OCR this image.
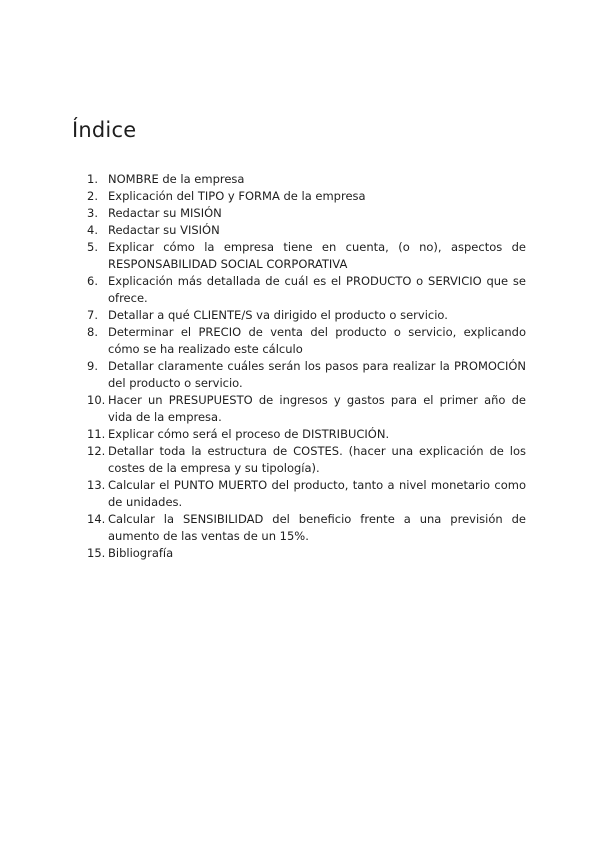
Índice
1. NOMBRE de la empresa
2. Explicación del TIPO y FORMA de la empresa
3. Redactar su MISIÓN
4. Redactar su VISIÓN
5. Explicar cómo la empresa tiene en cuenta, (o no), aspectos de RESPONSABILIDAD SOCIAL CORPORATIVA
6. Explicación más detallada de cuál es el PRODUCTO o SERVICIO que se ofrece.
7. Detallar a qué CLIENTE/S va dirigido el producto o servicio.
8. Determinar el PRECIO de venta del producto o servicio, explicando cómo se ha realizado este cálculo
9. Detallar claramente cuáles serán los pasos para realizar la PROMOCIÓN del producto o servicio.
10. Hacer un PRESUPUESTO de ingresos y gastos para el primer año de vida de la empresa.
11. Explicar cómo será el proceso de DISTRIBUCIÓN.
12. Detallar toda la estructura de COSTES. (hacer una explicación de los costes de la empresa y su tipología).
13. Calcular el PUNTO MUERTO del producto, tanto a nivel monetario como de unidades.
14. Calcular la SENSIBILIDAD del beneficio frente a una previsión de aumento de las ventas de un 15%.
15. Bibliografía
